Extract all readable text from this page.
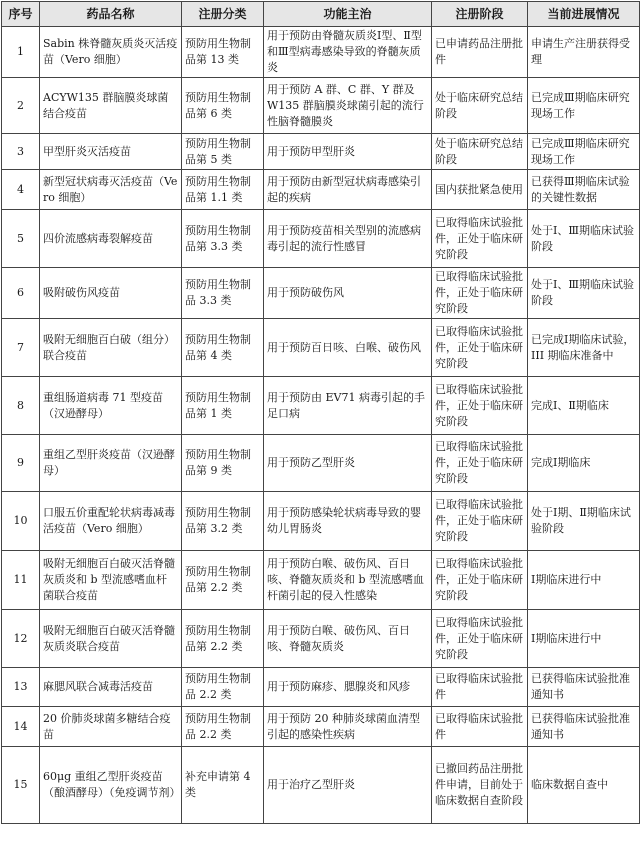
序号	药品名称	注册分类	功能主治	注册阶段	当前进展情况
1	Sabin 株脊髓灰质炎灭活疫苗（Vero 细胞）	预防用生物制品第 13 类	用于预防由脊髓灰质炎Ⅰ型、Ⅱ型和Ⅲ型病毒感染导致的脊髓灰质炎	已申请药品注册批件	申请生产注册获得受理
2	ACYW135 群脑膜炎球菌结合疫苗	预防用生物制品第 6 类	用于预防 A 群、C 群、Y 群及 W135 群脑膜炎球菌引起的流行性脑脊髓膜炎	处于临床研究总结阶段	已完成Ⅲ期临床研究现场工作
3	甲型肝炎灭活疫苗	预防用生物制品第 5 类	用于预防甲型肝炎	处于临床研究总结阶段	已完成Ⅲ期临床研究现场工作
4	新型冠状病毒灭活疫苗（Vero 细胞）	预防用生物制品第 1.1 类	用于预防由新型冠状病毒感染引起的疾病	国内获批紧急使用	已获得Ⅲ期临床试验的关键性数据
5	四价流感病毒裂解疫苗	预防用生物制品第 3.3 类	用于预防疫苗相关型别的流感病毒引起的流行性感冒	已取得临床试验批件，正处于临床研究阶段	处于Ⅰ、Ⅲ期临床试验阶段
6	吸附破伤风疫苗	预防用生物制品 3.3 类	用于预防破伤风	已取得临床试验批件，正处于临床研究阶段	处于Ⅰ、Ⅲ期临床试验阶段
7	吸附无细胞百白破（组分）联合疫苗	预防用生物制品第 4 类	用于预防百日咳、白喉、破伤风	已取得临床试验批件，正处于临床研究阶段	已完成Ⅰ期临床试验，III 期临床准备中
8	重组肠道病毒 71 型疫苗（汉逊酵母）	预防用生物制品第 1 类	用于预防由 EV71 病毒引起的手足口病	已取得临床试验批件，正处于临床研究阶段	完成Ⅰ、Ⅱ期临床
9	重组乙型肝炎疫苗（汉逊酵母）	预防用生物制品第 9 类	用于预防乙型肝炎	已取得临床试验批件，正处于临床研究阶段	完成Ⅰ期临床
10	口服五价重配轮状病毒减毒活疫苗（Vero 细胞）	预防用生物制品第 3.2 类	用于预防感染轮状病毒导致的婴幼儿胃肠炎	已取得临床试验批件，正处于临床研究阶段	处于Ⅰ期、Ⅱ期临床试验阶段
11	吸附无细胞百白破灭活脊髓灰质炎和 b 型流感嗜血杆菌联合疫苗	预防用生物制品第 2.2 类	用于预防白喉、破伤风、百日咳、脊髓灰质炎和 b 型流感嗜血杆菌引起的侵入性感染	已取得临床试验批件，正处于临床研究阶段	Ⅰ期临床进行中
12	吸附无细胞百白破灭活脊髓灰质炎联合疫苗	预防用生物制品第 2.2 类	用于预防白喉、破伤风、百日咳、脊髓灰质炎	已取得临床试验批件，正处于临床研究阶段	Ⅰ期临床进行中
13	麻腮风联合减毒活疫苗	预防用生物制品 2.2 类	用于预防麻疹、腮腺炎和风疹	已取得临床试验批件	已获得临床试验批准通知书
14	20 价肺炎球菌多糖结合疫苗	预防用生物制品 2.2 类	用于预防 20 种肺炎球菌血清型引起的感染性疾病	已取得临床试验批件	已获得临床试验批准通知书
15	60μg 重组乙型肝炎疫苗（酿酒酵母）（免疫调节剂）	补充申请第 4 类	用于治疗乙型肝炎	已撤回药品注册批件申请，目前处于临床数据自查阶段	临床数据自查中
